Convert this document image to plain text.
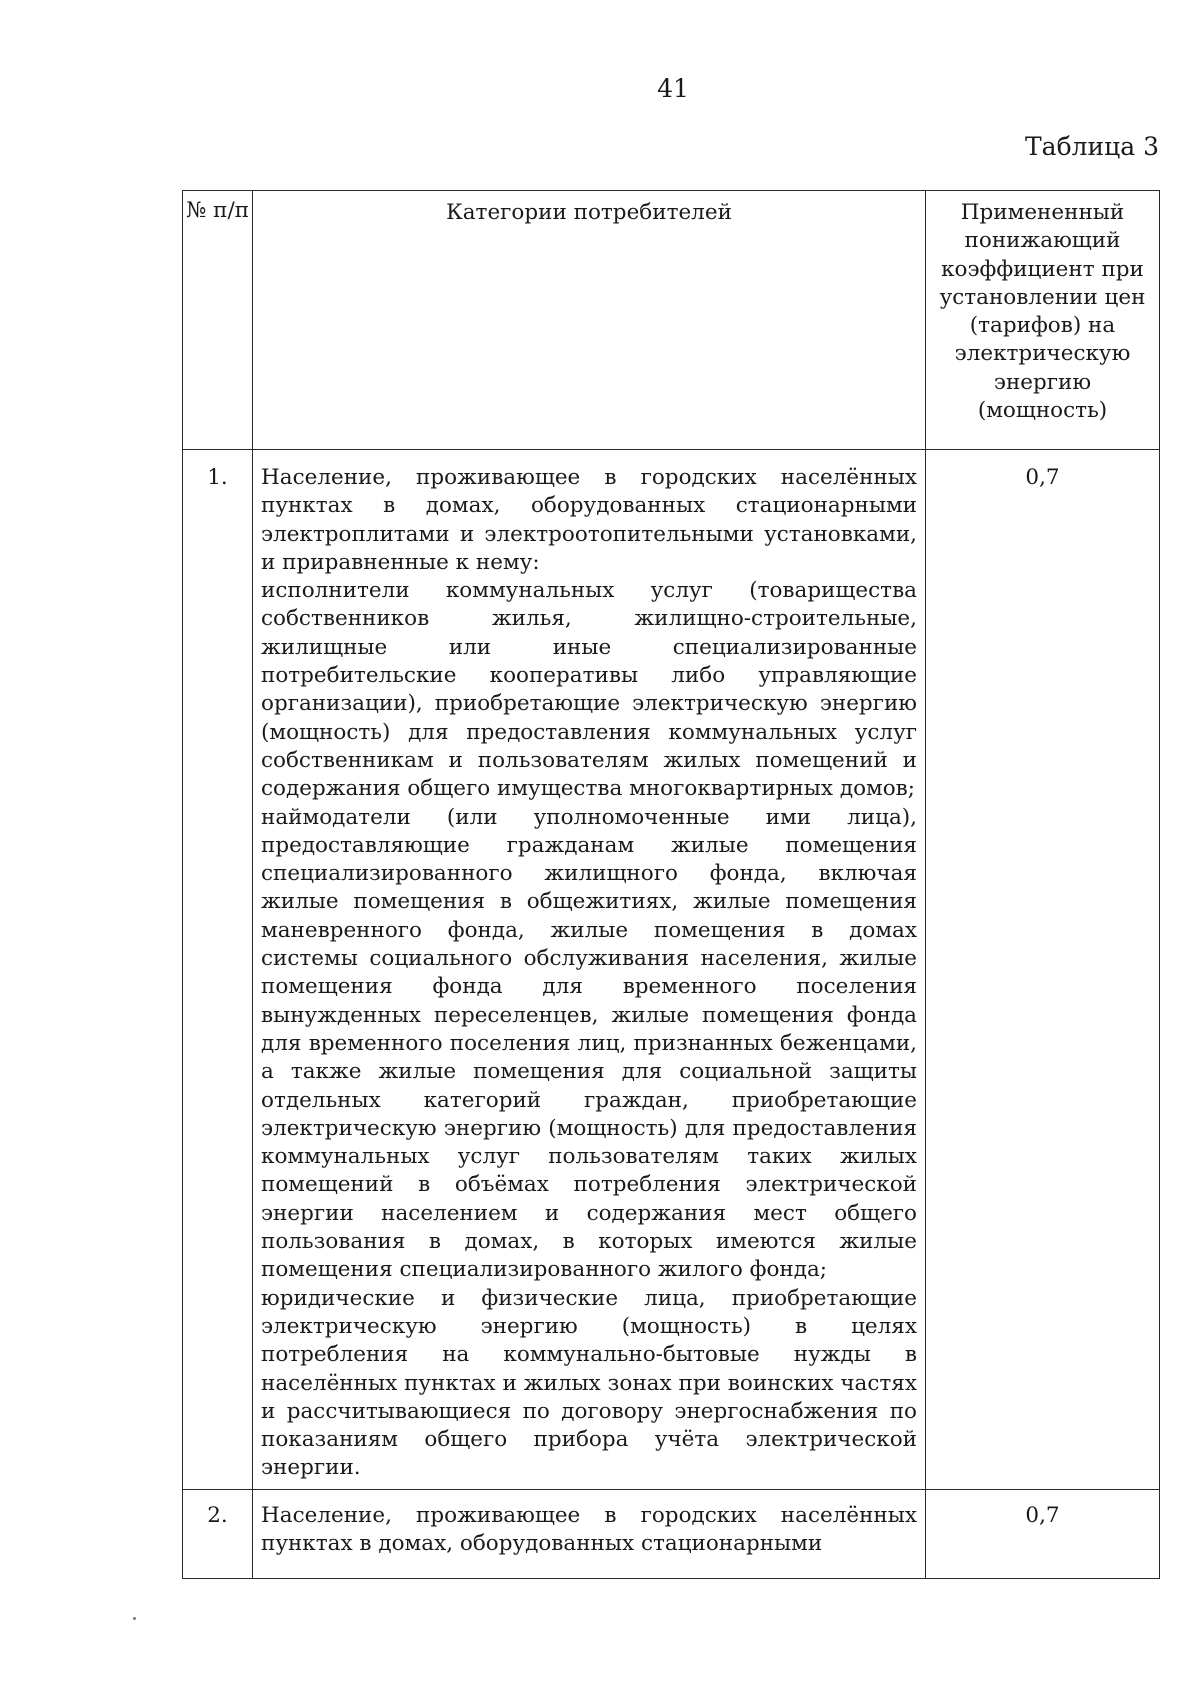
41
Таблица 3
№ п/п	Категории потребителей	Примененный понижающий коэффициент при установлении цен (тарифов) на электрическую энергию (мощность)
1.	Население, проживающее в городских населённых пунктах в домах, оборудованных стационарными электроплитами и электроотопительными установками, и приравненные к нему:
исполнители коммунальных услуг (товарищества собственников жилья, жилищно-строительные, жилищные или иные специализированные потребительские кооперативы либо управляющие организации), приобретающие электрическую энергию (мощность) для предоставления коммунальных услуг собственникам и пользователям жилых помещений и содержания общего имущества многоквартирных домов;
наймодатели (или уполномоченные ими лица), предоставляющие гражданам жилые помещения специализированного жилищного фонда, включая жилые помещения в общежитиях, жилые помещения маневренного фонда, жилые помещения в домах системы социального обслуживания населения, жилые помещения фонда для временного поселения вынужденных переселенцев, жилые помещения фонда для временного поселения лиц, признанных беженцами, а также жилые помещения для социальной защиты отдельных категорий граждан, приобретающие электрическую энергию (мощность) для предоставления коммунальных услуг пользователям таких жилых помещений в объёмах потребления электрической энергии населением и содержания мест общего пользования в домах, в которых имеются жилые помещения специализированного жилого фонда;
юридические и физические лица, приобретающие электрическую энергию (мощность) в целях потребления на коммунально-бытовые нужды в населённых пунктах и жилых зонах при воинских частях и рассчитывающиеся по договору энергоснабжения по показаниям общего прибора учёта электрической энергии.	0,7
2.	Население, проживающее в городских населённых пунктах в домах, оборудованных стационарными	0,7
